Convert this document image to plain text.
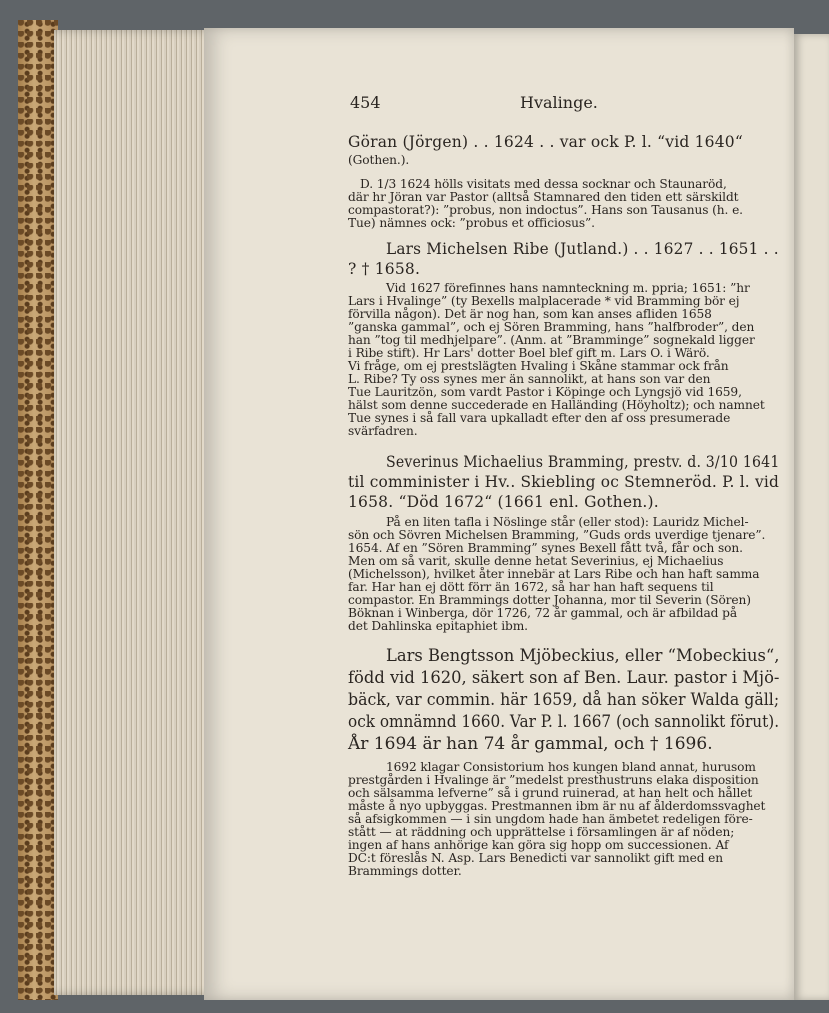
454	Hvalinge.

Göran (Jörgen) . . 1624 . . var ock P. l. “vid 1640“

(Gothen.).

D. 1/3 1624 hölls visitats med dessa socknar och Staunaröd,

där hr Jöran var Pastor (alltså Stamnared den tiden ett särskildt

compastorat?): ”probus, non indoctus”. Hans son Tausanus (h. e.

Tue) nämnes ock: ”probus et officiosus”.

Lars Michelsen Ribe (Jutland.) . . 1627 . . 1651 . .

? † 1658.

Vid 1627 förefinnes hans namnteckning m. ppria; 1651: ”hr

Lars i Hvalinge” (ty Bexells malplacerade * vid Bramming bör ej

förvilla någon). Det är nog han, som kan anses afliden 1658

”ganska gammal”, och ej Sören Bramming, hans ”halfbroder”, den

han ”tog til medhjelpare”. (Anm. at ”Bramminge” sognekald ligger

i Ribe stift). Hr Lars' dotter Boel blef gift m. Lars O. i Wärö.

Vi fråge, om ej prestslägten Hvaling i Skåne stammar ock från

L. Ribe? Ty oss synes mer än sannolikt, at hans son var den

Tue Lauritzön, som vardt Pastor i Köpinge och Lyngsjö vid 1659,

hälst som denne succederade en Halländing (Höyholtz); och namnet

Tue synes i så fall vara upkalladt efter den af oss presumerade

svärfadren.

Severinus Michaelius Bramming, prestv. d. 3/10 1641

til comminister i Hv.. Skiebling oc Stemneröd. P. l. vid

1658. “Död 1672“ (1661 enl. Gothen.).

På en liten tafla i Nöslinge står (eller stod): Lauridz Michel-

sön och Sövren Michelsen Bramming, ”Guds ords uverdige tjenare”.

1654. Af en ”Sören Bramming” synes Bexell fått två, får och son.

Men om så varit, skulle denne hetat Severinius, ej Michaelius

(Michelsson), hvilket åter innebär at Lars Ribe och han haft samma

far. Har han ej dött förr än 1672, så har han haft sequens til

compastor. En Brammings dotter Johanna, mor til Severin (Sören)

Böknan i Winberga, dör 1726, 72 år gammal, och är afbildad på

det Dahlinska epitaphiet ibm.

Lars Bengtsson Mjöbeckius, eller “Mobeckius“,

född vid 1620, säkert son af Ben. Laur. pastor i Mjö-

bäck, var commin. här 1659, då han söker Walda gäll;

ock omnämnd 1660. Var P. l. 1667 (och sannolikt förut).

År 1694 är han 74 år gammal, och † 1696.

1692 klagar Consistorium hos kungen bland annat, hurusom

prestgården i Hvalinge är ”medelst presthustruns elaka disposition

och sälsamma lefverne” så i grund ruinerad, at han helt och hållet

måste å nyo upbyggas. Prestmannen ibm är nu af ålderdomssvaghet

så afsigkommen — i sin ungdom hade han ämbetet redeligen före-

stått — at räddning och upprättelse i församlingen är af nöden;

ingen af hans anhörige kan göra sig hopp om successionen. Af

DC:t föreslås N. Asp. Lars Benedicti var sannolikt gift med en

Brammings dotter.
